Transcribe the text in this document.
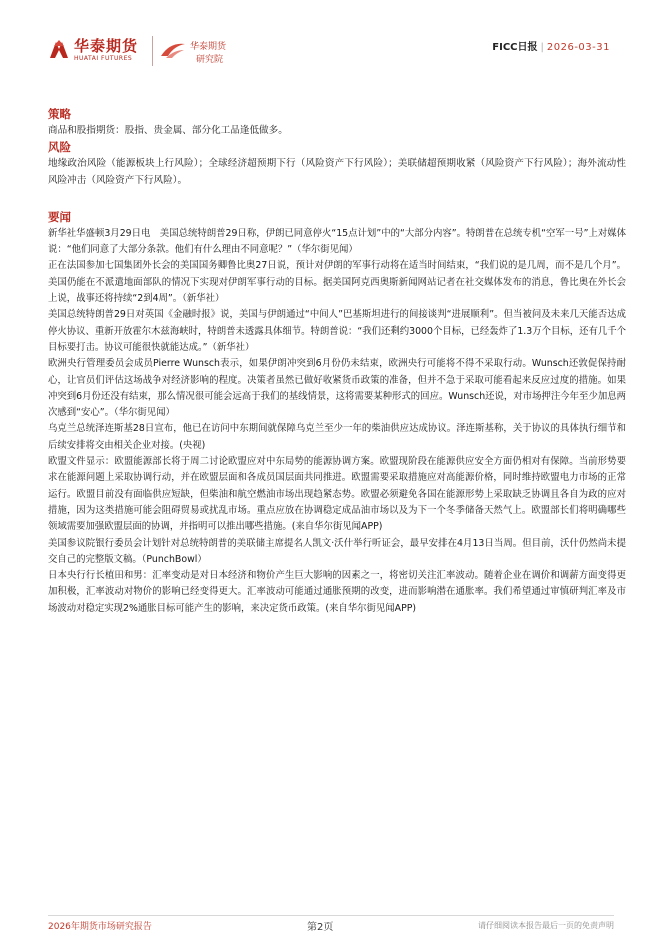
华泰期货
HUATAI FUTURES
华泰期货
研究院
FICC日报 | 2026-03-31
策略
商品和股指期货：股指、贵金属、部分化工品逢低做多。
风险
地缘政治风险（能源板块上行风险）；全球经济超预期下行（风险资产下行风险）；美联储超预期收紧（风险资产下行风险）；海外流动性风险冲击（风险资产下行风险）。
要闻
新华社华盛顿3月29日电　美国总统特朗普29日称，伊朗已同意停火“15点计划”中的“大部分内容”。特朗普在总统专机“空军一号”上对媒体说：“他们同意了大部分条款。他们有什么理由不同意呢？”（华尔街见闻）
正在法国参加七国集团外长会的美国国务卿鲁比奥27日说，预计对伊朗的军事行动将在适当时间结束，“我们说的是几周，而不是几个月”。美国仍能在不派遣地面部队的情况下实现对伊朗军事行动的目标。据美国阿克西奥斯新闻网站记者在社交媒体发布的消息，鲁比奥在外长会上说，战事还将持续“2到4周”。（新华社）
美国总统特朗普29日对英国《金融时报》说，美国与伊朗通过“中间人”巴基斯坦进行的间接谈判“进展顺利”。但当被问及未来几天能否达成停火协议、重新开放霍尔木兹海峡时，特朗普未透露具体细节。特朗普说：“我们还剩约3000个目标，已经轰炸了1.3万个目标，还有几千个目标要打击。协议可能很快就能达成。”（新华社）
欧洲央行管理委员会成员Pierre Wunsch表示，如果伊朗冲突到6月份仍未结束，欧洲央行可能将不得不采取行动。Wunsch还敦促保持耐心，让官员们评估这场战争对经济影响的程度。决策者虽然已做好收紧货币政策的准备，但并不急于采取可能看起来反应过度的措施。如果冲突到6月份还没有结束，那么情况很可能会远高于我们的基线情景，这将需要某种形式的回应。Wunsch还说，对市场押注今年至少加息两次感到“安心”。（华尔街见闻）
乌克兰总统泽连斯基28日宣布，他已在访问中东期间就保障乌克兰至少一年的柴油供应达成协议。泽连斯基称，关于协议的具体执行细节和后续安排将交由相关企业对接。(央视)
欧盟文件显示：欧盟能源部长将于周二讨论欧盟应对中东局势的能源协调方案。欧盟现阶段在能源供应安全方面仍相对有保障。当前形势要求在能源问题上采取协调行动，并在欧盟层面和各成员国层面共同推进。欧盟需要采取措施应对高能源价格，同时维持欧盟电力市场的正常运行。欧盟目前没有面临供应短缺，但柴油和航空燃油市场出现趋紧态势。欧盟必须避免各国在能源形势上采取缺乏协调且各自为政的应对措施，因为这类措施可能会阻碍贸易或扰乱市场。重点应放在协调稳定成品油市场以及为下一个冬季储备天然气上。欧盟部长们将明确哪些领域需要加强欧盟层面的协调，并指明可以推出哪些措施。(来自华尔街见闻APP)
美国参议院银行委员会计划针对总统特朗普的美联储主席提名人凯文·沃什举行听证会，最早安排在4月13日当周。但目前，沃什仍然尚未提交自己的完整版文稿。（PunchBowl）
日本央行行长植田和男：汇率变动是对日本经济和物价产生巨大影响的因素之一，将密切关注汇率波动。随着企业在调价和调薪方面变得更加积极，汇率波动对物价的影响已经变得更大。汇率波动可能通过通胀预期的改变，进而影响潜在通胀率。我们希望通过审慎研判汇率及市场波动对稳定实现2%通胀目标可能产生的影响，来决定货币政策。(来自华尔街见闻APP)
2026年期货市场研究报告	第2页	请仔细阅读本报告最后一页的免责声明
